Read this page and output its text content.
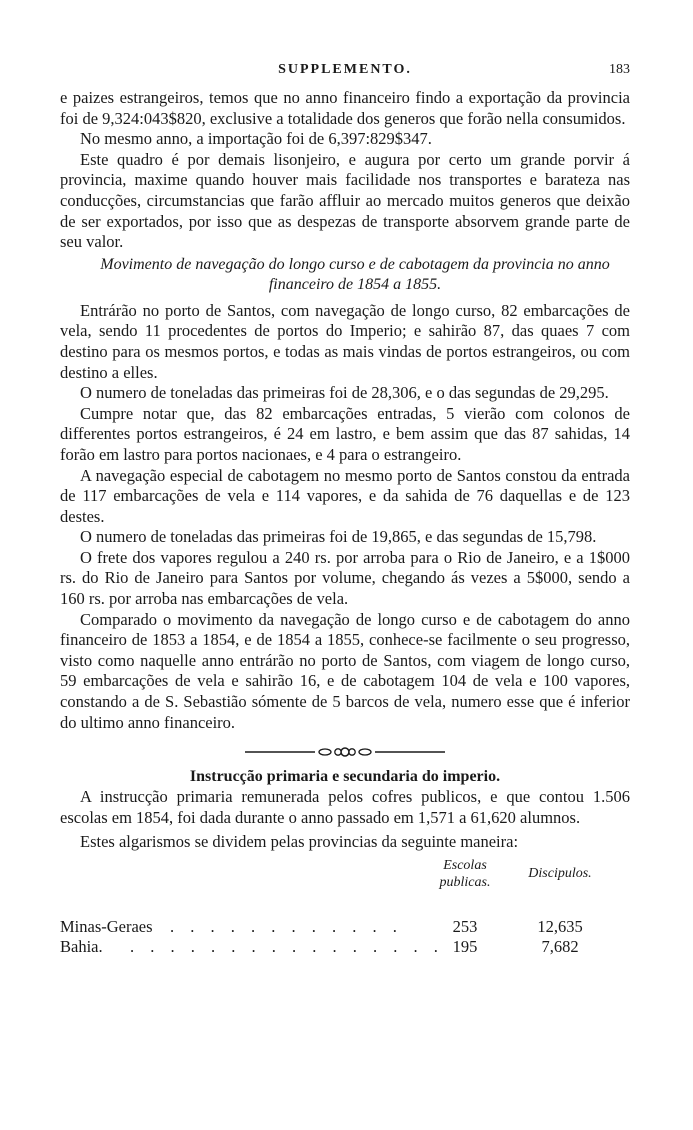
SUPPLEMENTO.	183

e paizes estrangeiros, temos que no anno financeiro findo a exportação da provincia foi de 9,324:043$820, exclusive a totalidade dos generos que forão nella consumidos.

No mesmo anno, a importação foi de 6,397:829$347.

Este quadro é por demais lisonjeiro, e augura por certo um grande porvir á provincia, maxime quando houver mais facilidade nos transportes e barateza nas conducções, circumstancias que farão affluir ao mercado muitos generos que deixão de ser exportados, por isso que as despezas de transporte absorvem grande parte de seu valor.

Movimento de navegação do longo curso e de cabotagem da provincia no anno financeiro de 1854 a 1855.

Entrárão no porto de Santos, com navegação de longo curso, 82 embarcações de vela, sendo 11 procedentes de portos do Imperio; e sahirão 87, das quaes 7 com destino para os mesmos portos, e todas as mais vindas de portos estrangeiros, ou com destino a elles.

O numero de toneladas das primeiras foi de 28,306, e o das segundas de 29,295.

Cumpre notar que, das 82 embarcações entradas, 5 vierão com colonos de differentes portos estrangeiros, é 24 em lastro, e bem assim que das 87 sahidas, 14 forão em lastro para portos nacionaes, e 4 para o estrangeiro.

A navegação especial de cabotagem no mesmo porto de Santos constou da entrada de 117 embarcações de vela e 114 vapores, e da sahida de 76 daquellas e de 123 destes.

O numero de toneladas das primeiras foi de 19,865, e das segundas de 15,798.

O frete dos vapores regulou a 240 rs. por arroba para o Rio de Janeiro, e a 1$000 rs. do Rio de Janeiro para Santos por volume, chegando ás vezes a 5$000, sendo a 160 rs. por arroba nas embarcações de vela.

Comparado o movimento da navegação de longo curso e de cabotagem do anno financeiro de 1853 a 1854, e de 1854 a 1855, conhece-se facilmente o seu progresso, visto como naquelle anno entrárão no porto de Santos, com viagem de longo curso, 59 embarcações de vela e sahirão 16, e de cabotagem 104 de vela e 100 vapores, constando a de S. Sebastião sómente de 5 barcos de vela, numero esse que é inferior do ultimo anno financeiro.

Instrucção primaria e secundaria do imperio.

A instrucção primaria remunerada pelos cofres publicos, e que contou 1.506 escolas em 1854, foi dada durante o anno passado em 1,571 a 61,620 alumnos.

Estes algarismos se dividem pelas provincias da seguinte maneira:

Escolas publicas.
Discipulos.
Minas-Geraes . . . . . . . . . . . .	253	12,635
Bahia. . . . . . . . . . . . . . . . . 195	7,682
